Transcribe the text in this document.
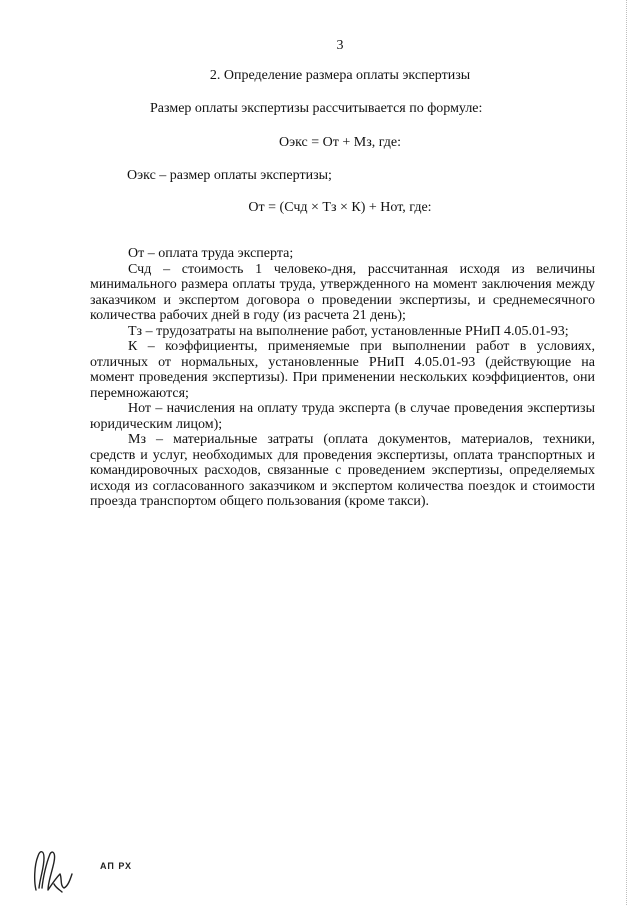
3
2. Определение размера оплаты экспертизы
Размер оплаты экспертизы рассчитывается по формуле:
Оэкс = От + Мз, где:
Оэкс – размер оплаты экспертизы;
От = (Счд × Тз × К) + Нот, где:

От – оплата труда эксперта;

Счд – стоимость 1 человеко-дня, рассчитанная исходя из величины минимального размера оплаты труда, утвержденного на момент заключения между заказчиком и экспертом договора о проведении экспертизы, и среднемесячного количества рабочих дней в году (из расчета 21 день);

Тз – трудозатраты на выполнение работ, установленные РНиП 4.05.01-93;

К – коэффициенты, применяемые при выполнении работ в условиях, отличных от нормальных, установленные РНиП 4.05.01-93 (действующие на момент проведения экспертизы). При применении нескольких коэффициентов, они перемножаются;

Нот – начисления на оплату труда эксперта (в случае проведения экспертизы юридическим лицом);

Мз – материальные затраты (оплата документов, материалов, техники, средств и услуг, необходимых для проведения экспертизы, оплата транспортных и командировочных расходов, связанные с проведением экспертизы, определяемых исходя из согласованного заказчиком и экспертом количества поездок и стоимости проезда транспортом общего пользования (кроме такси).

АП РХ
